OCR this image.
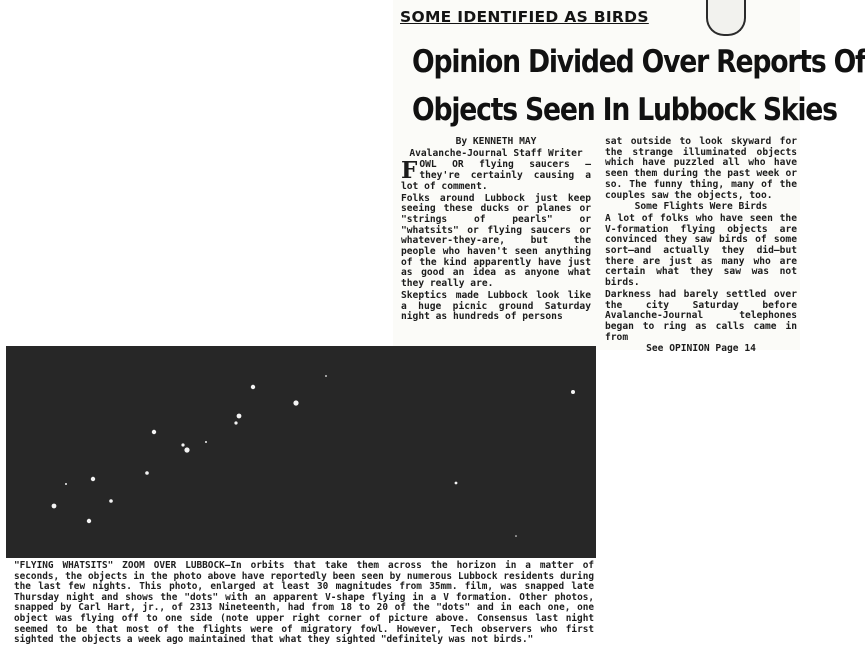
SOME IDENTIFIED AS BIRDS
Opinion Divided Over Reports Of
Objects Seen In Lubbock Skies

By KENNETH MAY

Avalanche-Journal Staff Writer

FOWL OR flying saucers — they're certainly causing a lot of comment.

Folks around Lubbock just keep seeing these ducks or planes or "strings of pearls" or "whatsits" or flying saucers or whatever-they-are, but the people who haven't seen anything of the kind apparently have just as good an idea as anyone what they really are.

Skeptics made Lubbock look like a huge picnic ground Saturday night as hundreds of persons

sat outside to look skyward for the strange illuminated objects which have puzzled all who have seen them during the past week or so. The funny thing, many of the couples saw the objects, too.

Some Flights Were Birds

A lot of folks who have seen the V-formation flying objects are convinced they saw birds of some sort—and actually they did—but there are just as many who are certain what they saw was not birds.

Darkness had barely settled over the city Saturday before Avalanche-Journal telephones began to ring as calls came in from

See OPINION Page 14

"FLYING WHATSITS" ZOOM OVER LUBBOCK—In orbits that take them across the horizon in a matter of seconds, the objects in the photo above have reportedly been seen by numerous Lubbock residents during the last few nights. This photo, enlarged at least 30 magnitudes from 35mm. film, was snapped late Thursday night and shows the "dots" with an apparent V-shape flying in a V formation. Other photos, snapped by Carl Hart, jr., of 2313 Nineteenth, had from 18 to 20 of the "dots" and in each one, one object was flying off to one side (note upper right corner of picture above. Consensus last night seemed to be that most of the flights were of migratory fowl. However, Tech observers who first sighted the objects a week ago maintained that what they sighted "definitely was not birds."
